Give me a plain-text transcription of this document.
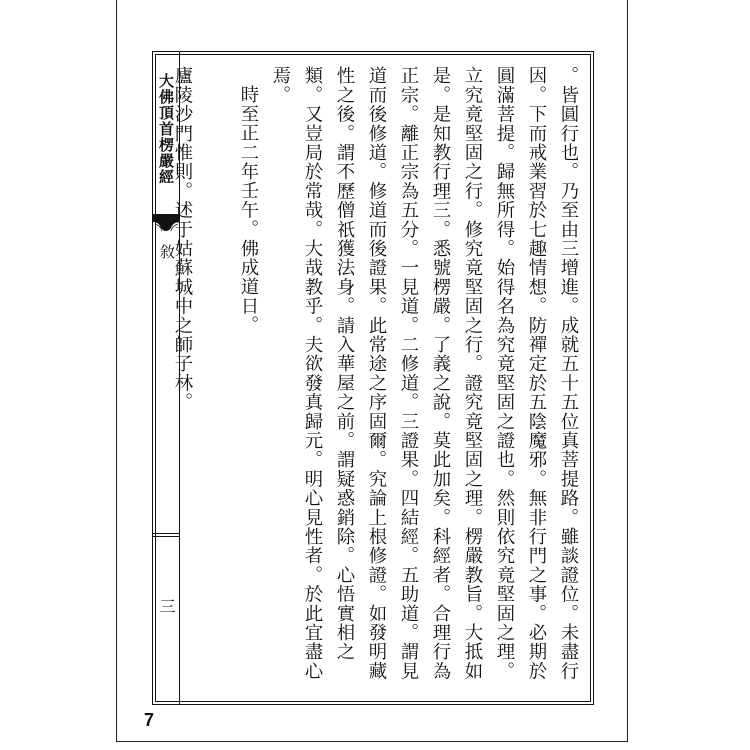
大佛頂首楞嚴經
敘
三	。皆圓行也。乃至由三增進。成就五十五位真菩提路。雖談證位。未盡行因。下而戒業習於七趣情想。防禪定於五陰魔邪。無非行門之事。必期於圓滿菩提。歸無所得。始得名為究竟堅固之證也。然則依究竟堅固之理。立究竟堅固之行。修究竟堅固之行。證究竟堅固之理。楞嚴教旨。大抵如是。是知教行理三。悉號楞嚴。了義之說。莫此加矣。科經者。合理行為正宗。離正宗為五分。一見道。二修道。三證果。四結經。五助道。謂見道而後修道。修道而後證果。此常途之序固爾。究論上根修證。如發明藏性之後。謂不歷僧祇獲法身。請入華屋之前。謂疑惑銷除。心悟實相之類。又豈局於常哉。大哉教乎。夫欲發真歸元。明心見性者。於此宜盡心焉。

時至正二年壬午。佛成道日。

廬陵沙門惟則。述于姑蘇城中之師子林。

7
